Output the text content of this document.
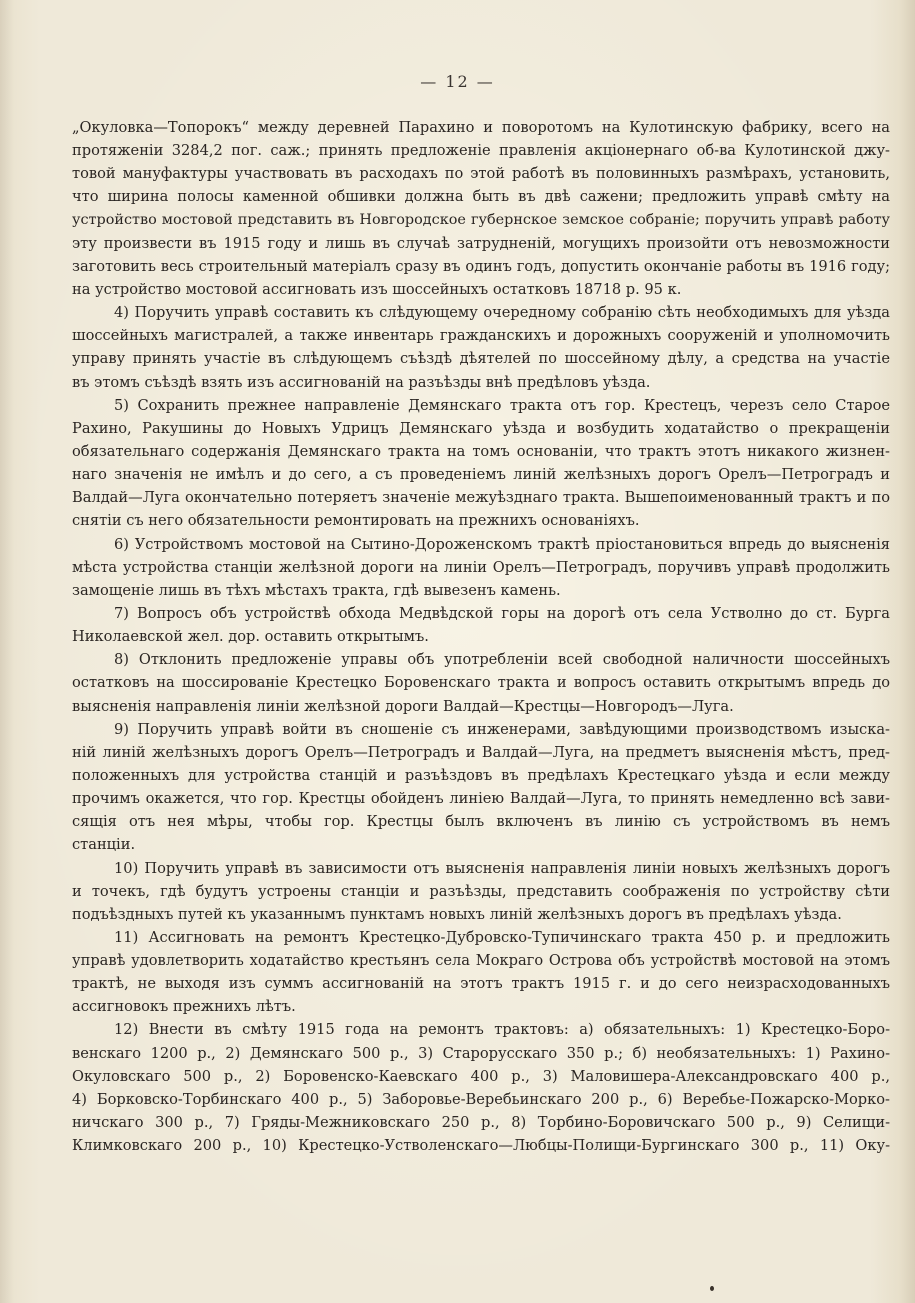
— 12 —
„Окуловка—Топорокъ“ между деревней Парахино и поворотомъ на Кулотинскую фабрику, всего на
протяженіи 3284,2 пог. саж.; принять предложеніе правленія акціонернаго об-ва Кулотинской джу-
товой мануфактуры участвовать въ расходахъ по этой работѣ въ половинныхъ размѣрахъ, установить,
что ширина полосы каменной обшивки должна быть въ двѣ сажени; предложить управѣ смѣту на
устройство мостовой представить въ Новгородское губернское земское собраніе; поручить управѣ работу
эту произвести въ 1915 году и лишь въ случаѣ затрудненій, могущихъ произойти отъ невозможности
заготовить весь строительный матеріалъ сразу въ одинъ годъ, допустить окончаніе работы въ 1916 году;
на устройство мостовой ассигновать изъ шоссейныхъ остатковъ 18718 р. 95 к.
4) Поручить управѣ составить къ слѣдующему очередному собранію сѣть необходимыхъ для уѣзда
шоссейныхъ магистралей, а также инвентарь гражданскихъ и дорожныхъ сооруженій и уполномочить
управу принять участіе въ слѣдующемъ съѣздѣ дѣятелей по шоссейному дѣлу, а средства на участіе
въ этомъ съѣздѣ взять изъ ассигнованій на разъѣзды внѣ предѣловъ уѣзда.
5) Сохранить прежнее направленіе Демянскаго тракта отъ гор. Крестецъ, черезъ село Старое
Рахино, Ракушины до Новыхъ Удрицъ Демянскаго уѣзда и возбудить ходатайство о прекращеніи
обязательнаго содержанія Демянскаго тракта на томъ основаніи, что трактъ этотъ никакого жизнен-
наго значенія не имѣлъ и до сего, а съ проведеніемъ линій желѣзныхъ дорогъ Орелъ—Петроградъ и
Валдай—Луга окончательно потеряетъ значеніе межуѣзднаго тракта. Вышепоименованный трактъ и по
снятіи съ него обязательности ремонтировать на прежнихъ основаніяхъ.
6) Устройствомъ мостовой на Сытино-Дороженскомъ трактѣ пріостановиться впредь до выясненія
мѣста устройства станціи желѣзной дороги на линіи Орелъ—Петроградъ, поручивъ управѣ продолжить
замощеніе лишь въ тѣхъ мѣстахъ тракта, гдѣ вывезенъ камень.
7) Вопросъ объ устройствѣ обхода Медвѣдской горы на дорогѣ отъ села Устволно до ст. Бурга
Николаевской жел. дор. оставить открытымъ.
8) Отклонить предложеніе управы объ употребленіи всей свободной наличности шоссейныхъ
остатковъ на шоссированіе Крестецко Боровенскаго тракта и вопросъ оставить открытымъ впредь до
выясненія направленія линіи желѣзной дороги Валдай—Крестцы—Новгородъ—Луга.
9) Поручить управѣ войти въ сношеніе съ инженерами, завѣдующими производствомъ изыска-
ній линій желѣзныхъ дорогъ Орелъ—Петроградъ и Валдай—Луга, на предметъ выясненія мѣстъ, пред-
положенныхъ для устройства станцій и разъѣздовъ въ предѣлахъ Крестецкаго уѣзда и если между
прочимъ окажется, что гор. Крестцы обойденъ линіею Валдай—Луга, то принять немедленно всѣ зави-
сящія отъ нея мѣры, чтобы гор. Крестцы былъ включенъ въ линію съ устройствомъ въ немъ
станціи.
10) Поручить управѣ въ зависимости отъ выясненія направленія линіи новыхъ желѣзныхъ дорогъ
и точекъ, гдѣ будутъ устроены станціи и разъѣзды, представить соображенія по устройству сѣти
подъѣздныхъ путей къ указаннымъ пунктамъ новыхъ линій желѣзныхъ дорогъ въ предѣлахъ уѣзда.
11) Ассигновать на ремонтъ Крестецко-Дубровско-Тупичинскаго тракта 450 р. и предложить
управѣ удовлетворить ходатайство крестьянъ села Мокраго Острова объ устройствѣ мостовой на этомъ
трактѣ, не выходя изъ суммъ ассигнованій на этотъ трактъ 1915 г. и до сего неизрасходованныхъ
ассигновокъ прежнихъ лѣтъ.
12) Внести въ смѣту 1915 года на ремонтъ трактовъ: а) обязательныхъ: 1) Крестецко-Боро-
венскаго 1200 р., 2) Демянскаго 500 р., 3) Старорусскаго 350 р.; б) необязательныхъ: 1) Рахино-
Окуловскаго 500 р., 2) Боровенско-Каевскаго 400 р., 3) Маловишера-Александровскаго 400 р.,
4) Борковско-Торбинскаго 400 р., 5) Заборовье-Веребьинскаго 200 р., 6) Веребье-Пожарско-Морко-
ничскаго 300 р., 7) Гряды-Межниковскаго 250 р., 8) Торбино-Боровичскаго 500 р., 9) Селищи-
Климковскаго 200 р., 10) Крестецко-Устволенскаго—Любцы-Полищи-Бургинскаго 300 р., 11) Оку-
